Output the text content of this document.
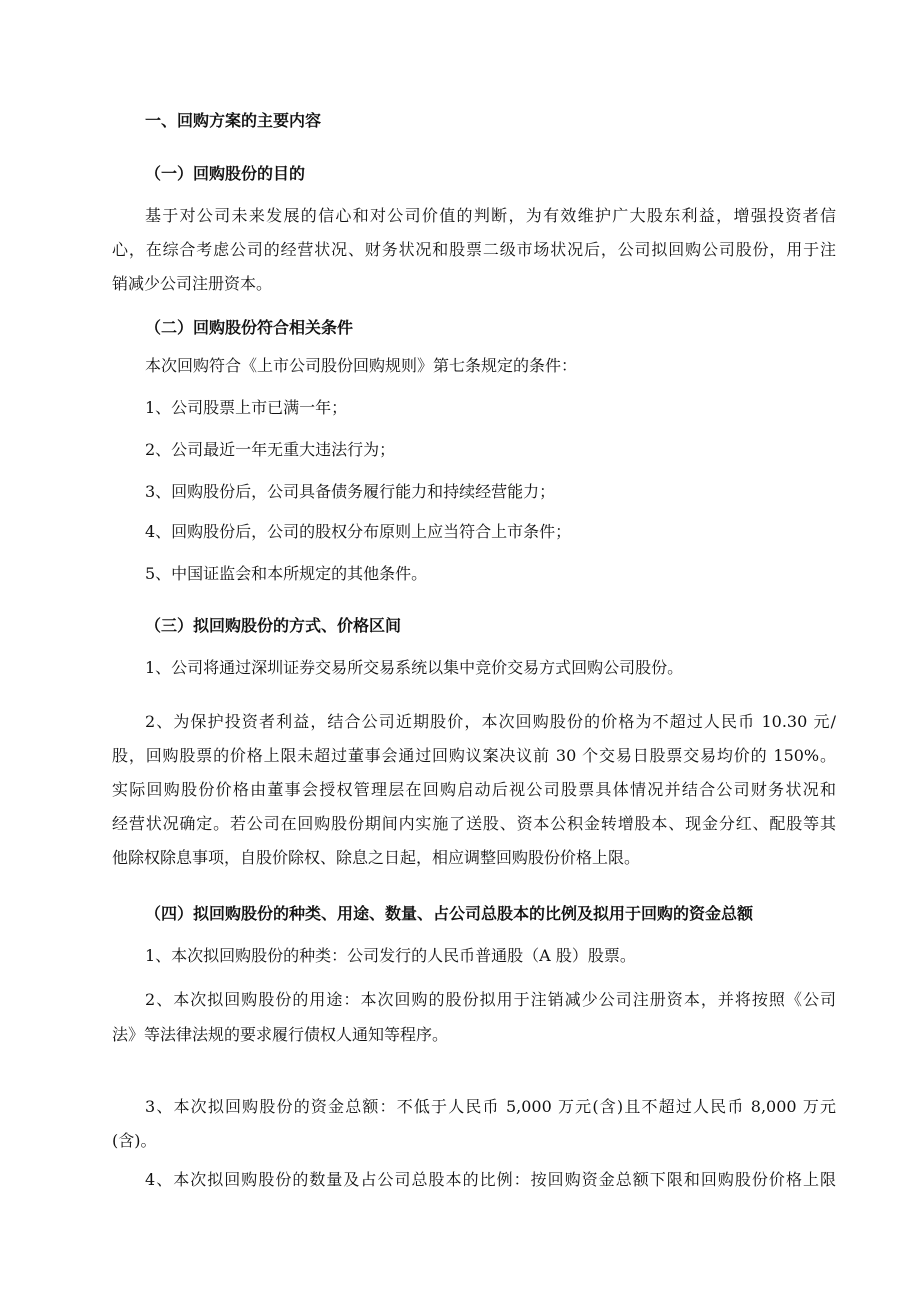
一、回购方案的主要内容
（一）回购股份的目的
基于对公司未来发展的信心和对公司价值的判断，为有效维护广大股东利益，增强投资者信
心，在综合考虑公司的经营状况、财务状况和股票二级市场状况后，公司拟回购公司股份，用于注
销减少公司注册资本。
（二）回购股份符合相关条件
本次回购符合《上市公司股份回购规则》第七条规定的条件：
1、公司股票上市已满一年；
2、公司最近一年无重大违法行为；
3、回购股份后，公司具备债务履行能力和持续经营能力；
4、回购股份后，公司的股权分布原则上应当符合上市条件；
5、中国证监会和本所规定的其他条件。
（三）拟回购股份的方式、价格区间
1、公司将通过深圳证券交易所交易系统以集中竞价交易方式回购公司股份。
2、为保护投资者利益，结合公司近期股价，本次回购股份的价格为不超过人民币 10.30 元/
股，回购股票的价格上限未超过董事会通过回购议案决议前 30 个交易日股票交易均价的 150%。
实际回购股份价格由董事会授权管理层在回购启动后视公司股票具体情况并结合公司财务状况和
经营状况确定。若公司在回购股份期间内实施了送股、资本公积金转增股本、现金分红、配股等其
他除权除息事项，自股价除权、除息之日起，相应调整回购股份价格上限。
（四）拟回购股份的种类、用途、数量、占公司总股本的比例及拟用于回购的资金总额
1、本次拟回购股份的种类：公司发行的人民币普通股（A 股）股票。
2、本次拟回购股份的用途：本次回购的股份拟用于注销减少公司注册资本，并将按照《公司
法》等法律法规的要求履行债权人通知等程序。
3、本次拟回购股份的资金总额：不低于人民币 5,000 万元(含)且不超过人民币 8,000 万元
(含)。
4、本次拟回购股份的数量及占公司总股本的比例：按回购资金总额下限和回购股份价格上限
